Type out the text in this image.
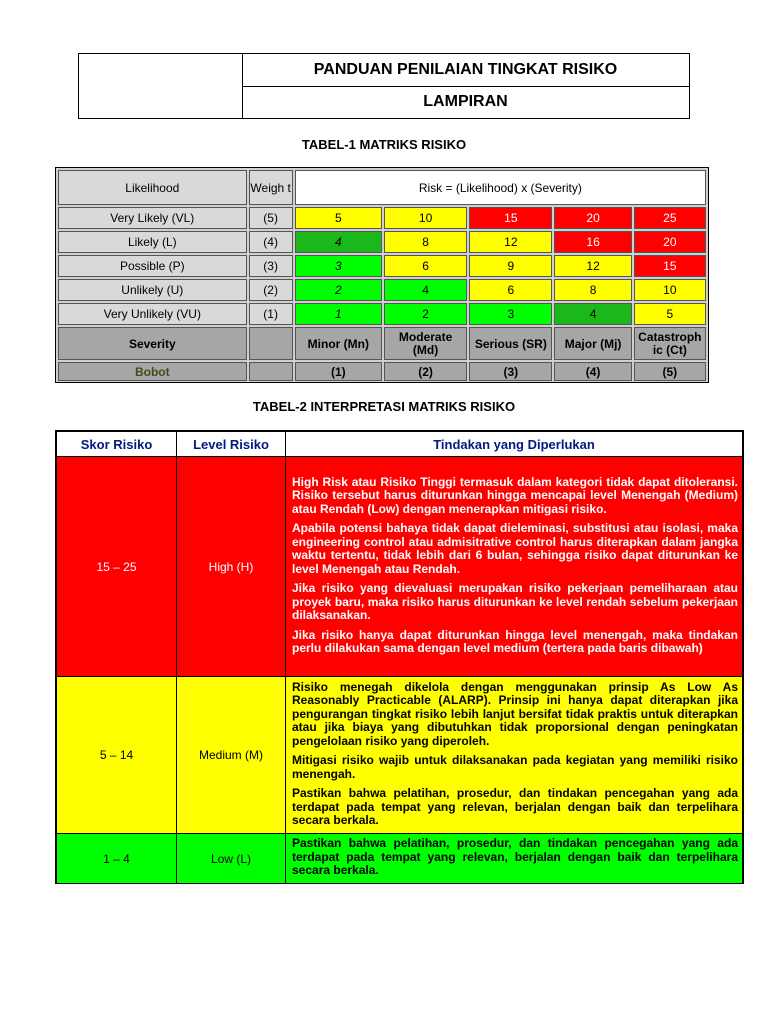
PANDUAN PENILAIAN TINGKAT RISIKO
LAMPIRAN
TABEL-1 MATRIKS RISIKO
Likelihood	Weigh t	Risk = (Likelihood) x (Severity)				
Very Likely (VL)	(5)	5	10	15	20	25
Likely (L)	(4)	4	8	12	16	20
Possible (P)	(3)	3	6	9	12	15
Unlikely (U)	(2)	2	4	6	8	10
Very Unlikely (VU)	(1)	1	2	3	4	5
Severity		Minor (Mn)	Moderate (Md)	Serious (SR)	Major (Mj)	Catastroph ic (Ct)
Bobot		(1)	(2)	(3)	(4)	(5)
TABEL-2 INTERPRETASI MATRIKS RISIKO
Skor Risiko	Level Risiko	Tindakan yang Diperlukan
15 – 25	High (H)	High Risk atau Risiko Tinggi termasuk dalam kategori tidak dapat ditoleransi. Risiko tersebut harus diturunkan hingga mencapai level Menengah (Medium) atau Rendah (Low) dengan menerapkan mitigasi risiko.

Apabila potensi bahaya tidak dapat dieleminasi, substitusi atau isolasi, maka engineering control atau admisitrative control harus diterapkan dalam jangka waktu tertentu, tidak lebih dari 6 bulan, sehingga risiko dapat diturunkan ke level Menengah atau Rendah.

Jika risiko yang dievaluasi merupakan risiko pekerjaan pemeliharaan atau proyek baru, maka risiko harus diturunkan ke level rendah sebelum pekerjaan dilaksanakan.

Jika risiko hanya dapat diturunkan hingga level menengah, maka tindakan perlu dilakukan sama dengan level medium (tertera pada baris dibawah)

5 – 14	Medium (M)	Risiko menegah dikelola dengan menggunakan prinsip As Low As Reasonably Practicable (ALARP). Prinsip ini hanya dapat diterapkan jika pengurangan tingkat risiko lebih lanjut bersifat tidak praktis untuk diterapkan atau jika biaya yang dibutuhkan tidak proporsional dengan peningkatan pengelolaan risiko yang diperoleh.

Mitigasi risiko wajib untuk dilaksanakan pada kegiatan yang memiliki risiko menengah.

Pastikan bahwa pelatihan, prosedur, dan tindakan pencegahan yang ada terdapat pada tempat yang relevan, berjalan dengan baik dan terpelihara secara berkala.

1 – 4	Low (L)	Pastikan bahwa pelatihan, prosedur, dan tindakan pencegahan yang ada terdapat pada tempat yang relevan, berjalan dengan baik dan terpelihara secara berkala.
